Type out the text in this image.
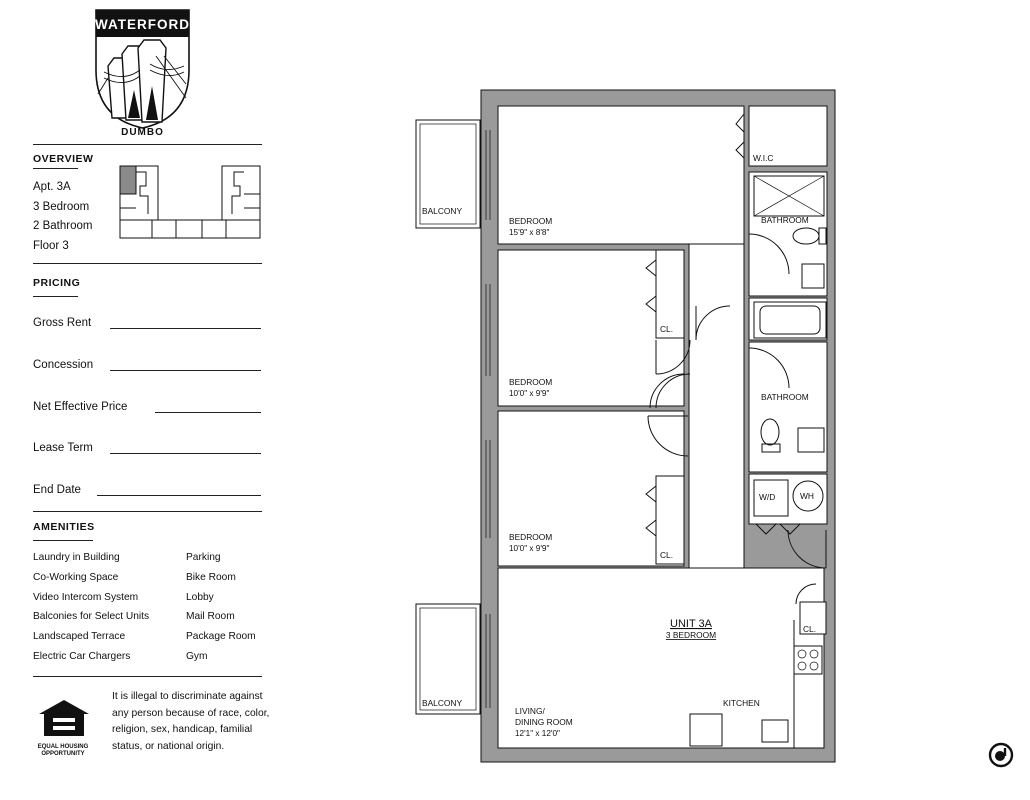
WATERFORD
DUMBO
OVERVIEW
Apt. 3A
3 Bedroom
2 Bathroom
Floor 3
PRICING
Gross Rent
Concession
Net Effective Price
Lease Term
End Date
AMENITIES
Laundry in Building
Co-Working Space
Video Intercom System
Balconies for Select Units
Landscaped Terrace
Electric Car Chargers
Parking
Bike Room
Lobby
Mail Room
Package Room
Gym
EQUAL HOUSING
OPPORTUNITY
It is illegal to discriminate against any person because of race, color, religion, sex, handicap, familial status, or national origin.
BALCONY
BALCONY
BEDROOM
15'9" x 8'8"
BEDROOM
10'0" x 9'9"
BEDROOM
10'0" x 9'9"
W.I.C
BATHROOM
BATHROOM
CL.
CL.
CL.
W/D	WH
KITCHEN
UNIT 3A
3 BEDROOM
LIVING/
DINING ROOM
12'1" x 12'0"
